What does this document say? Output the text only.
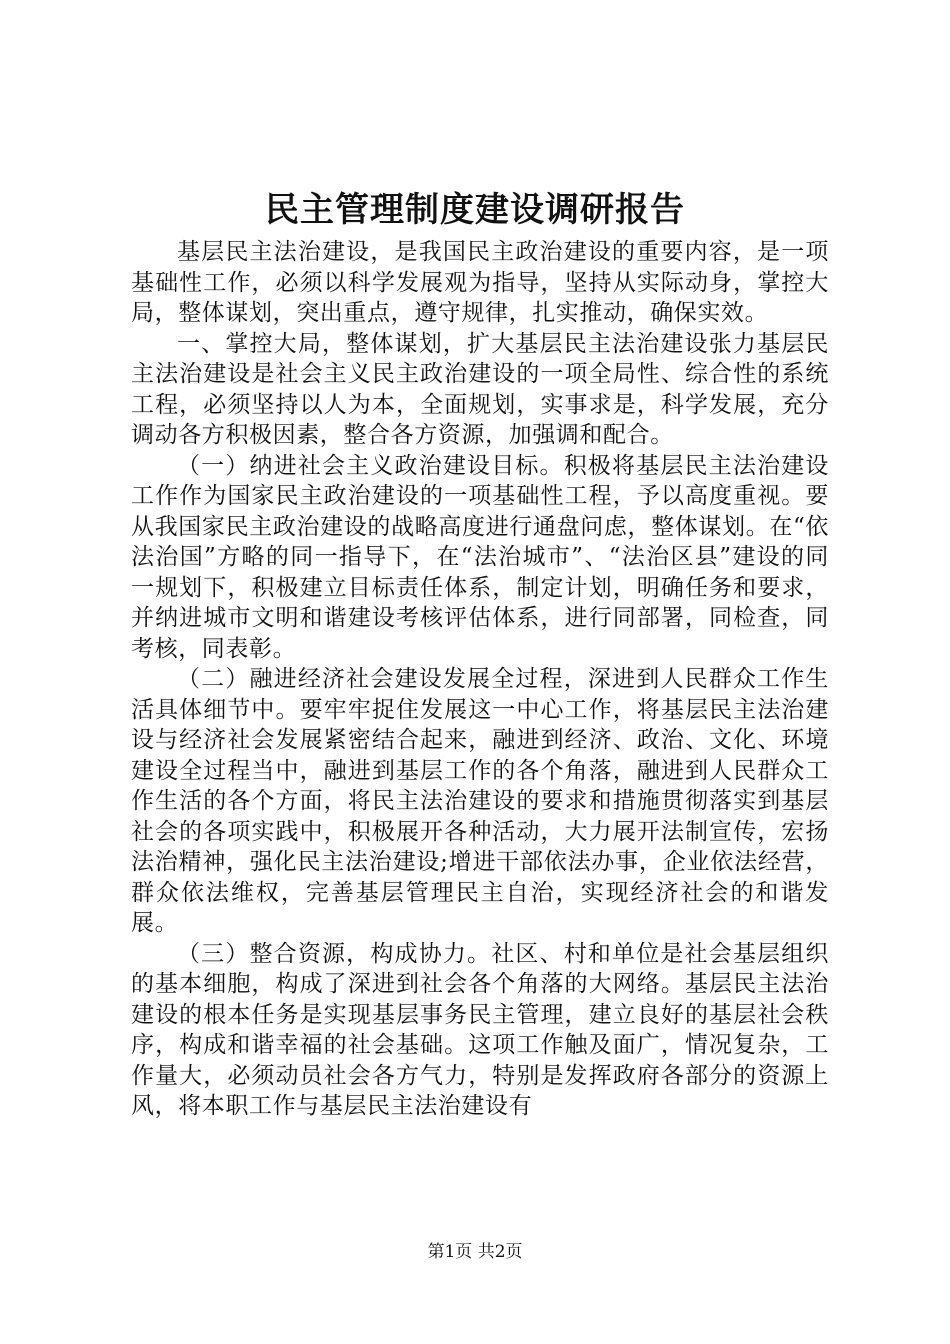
民主管理制度建设调研报告

基层民主法治建设，是我国民主政治建设的重要内容，是一项基础性工作，必须以科学发展观为指导，坚持从实际动身，掌控大局，整体谋划，突出重点，遵守规律，扎实推动，确保实效。

一、掌控大局，整体谋划，扩大基层民主法治建设张力基层民主法治建设是社会主义民主政治建设的一项全局性、综合性的系统工程，必须坚持以人为本，全面规划，实事求是，科学发展，充分调动各方积极因素，整合各方资源，加强调和配合。

（一）纳进社会主义政治建设目标。积极将基层民主法治建设工作作为国家民主政治建设的一项基础性工程，予以高度重视。要从我国家民主政治建设的战略高度进行通盘问虑，整体谋划。在“依法治国”方略的同一指导下，在“法治城市”、“法治区县”建设的同一规划下，积极建立目标责任体系，制定计划，明确任务和要求，并纳进城市文明和谐建设考核评估体系，进行同部署，同检查，同考核，同表彰。

（二）融进经济社会建设发展全过程，深进到人民群众工作生活具体细节中。要牢牢捉住发展这一中心工作，将基层民主法治建设与经济社会发展紧密结合起来，融进到经济、政治、文化、环境建设全过程当中，融进到基层工作的各个角落，融进到人民群众工作生活的各个方面，将民主法治建设的要求和措施贯彻落实到基层社会的各项实践中，积极展开各种活动，大力展开法制宣传，宏扬法治精神，强化民主法治建设;增进干部依法办事，企业依法经营，群众依法维权，完善基层管理民主自治，实现经济社会的和谐发展。

（三）整合资源，构成协力。社区、村和单位是社会基层组织的基本细胞，构成了深进到社会各个角落的大网络。基层民主法治建设的根本任务是实现基层事务民主管理，建立良好的基层社会秩序，构成和谐幸福的社会基础。这项工作触及面广，情况复杂，工作量大，必须动员社会各方气力，特别是发挥政府各部分的资源上风，将本职工作与基层民主法治建设有

第1页 共2页
